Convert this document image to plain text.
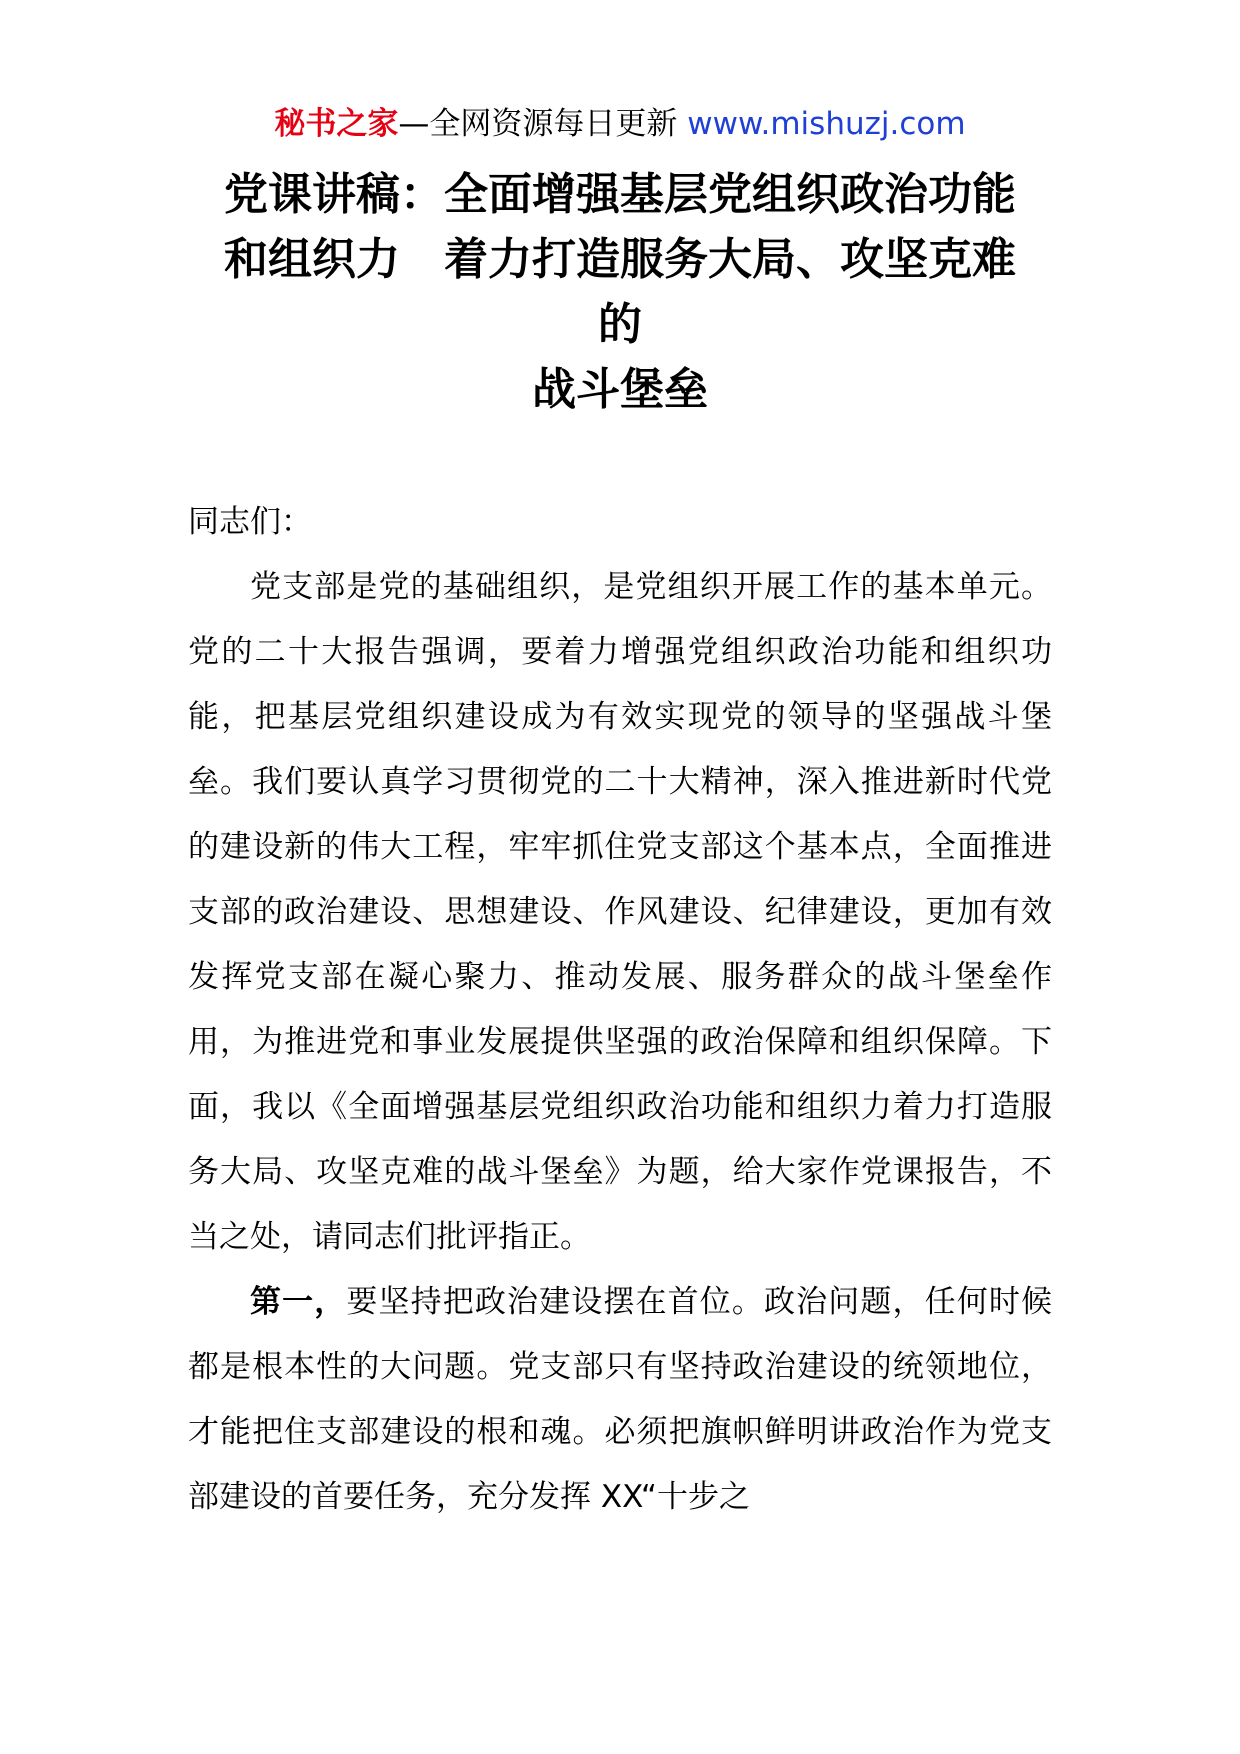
秘书之家—全网资源每日更新 www.mishuzj.com
党课讲稿：全面增强基层党组织政治功能
和组织力　着力打造服务大局、攻坚克难
的
战斗堡垒

同志们：

党支部是党的基础组织，是党组织开展工作的基本单元。党的二十大报告强调，要着力增强党组织政治功能和组织功能，把基层党组织建设成为有效实现党的领导的坚强战斗堡垒。我们要认真学习贯彻党的二十大精神，深入推进新时代党的建设新的伟大工程，牢牢抓住党支部这个基本点，全面推进支部的政治建设、思想建设、作风建设、纪律建设，更加有效发挥党支部在凝心聚力、推动发展、服务群众的战斗堡垒作用，为推进党和事业发展提供坚强的政治保障和组织保障。下面，我以《全面增强基层党组织政治功能和组织力着力打造服务大局、攻坚克难的战斗堡垒》为题，给大家作党课报告，不当之处，请同志们批评指正。

第一，要坚持把政治建设摆在首位。政治问题，任何时候都是根本性的大问题。党支部只有坚持政治建设的统领地位，才能把住支部建设的根和魂。必须把旗帜鲜明讲政治作为党支部建设的首要任务，充分发挥 XX“十步之
